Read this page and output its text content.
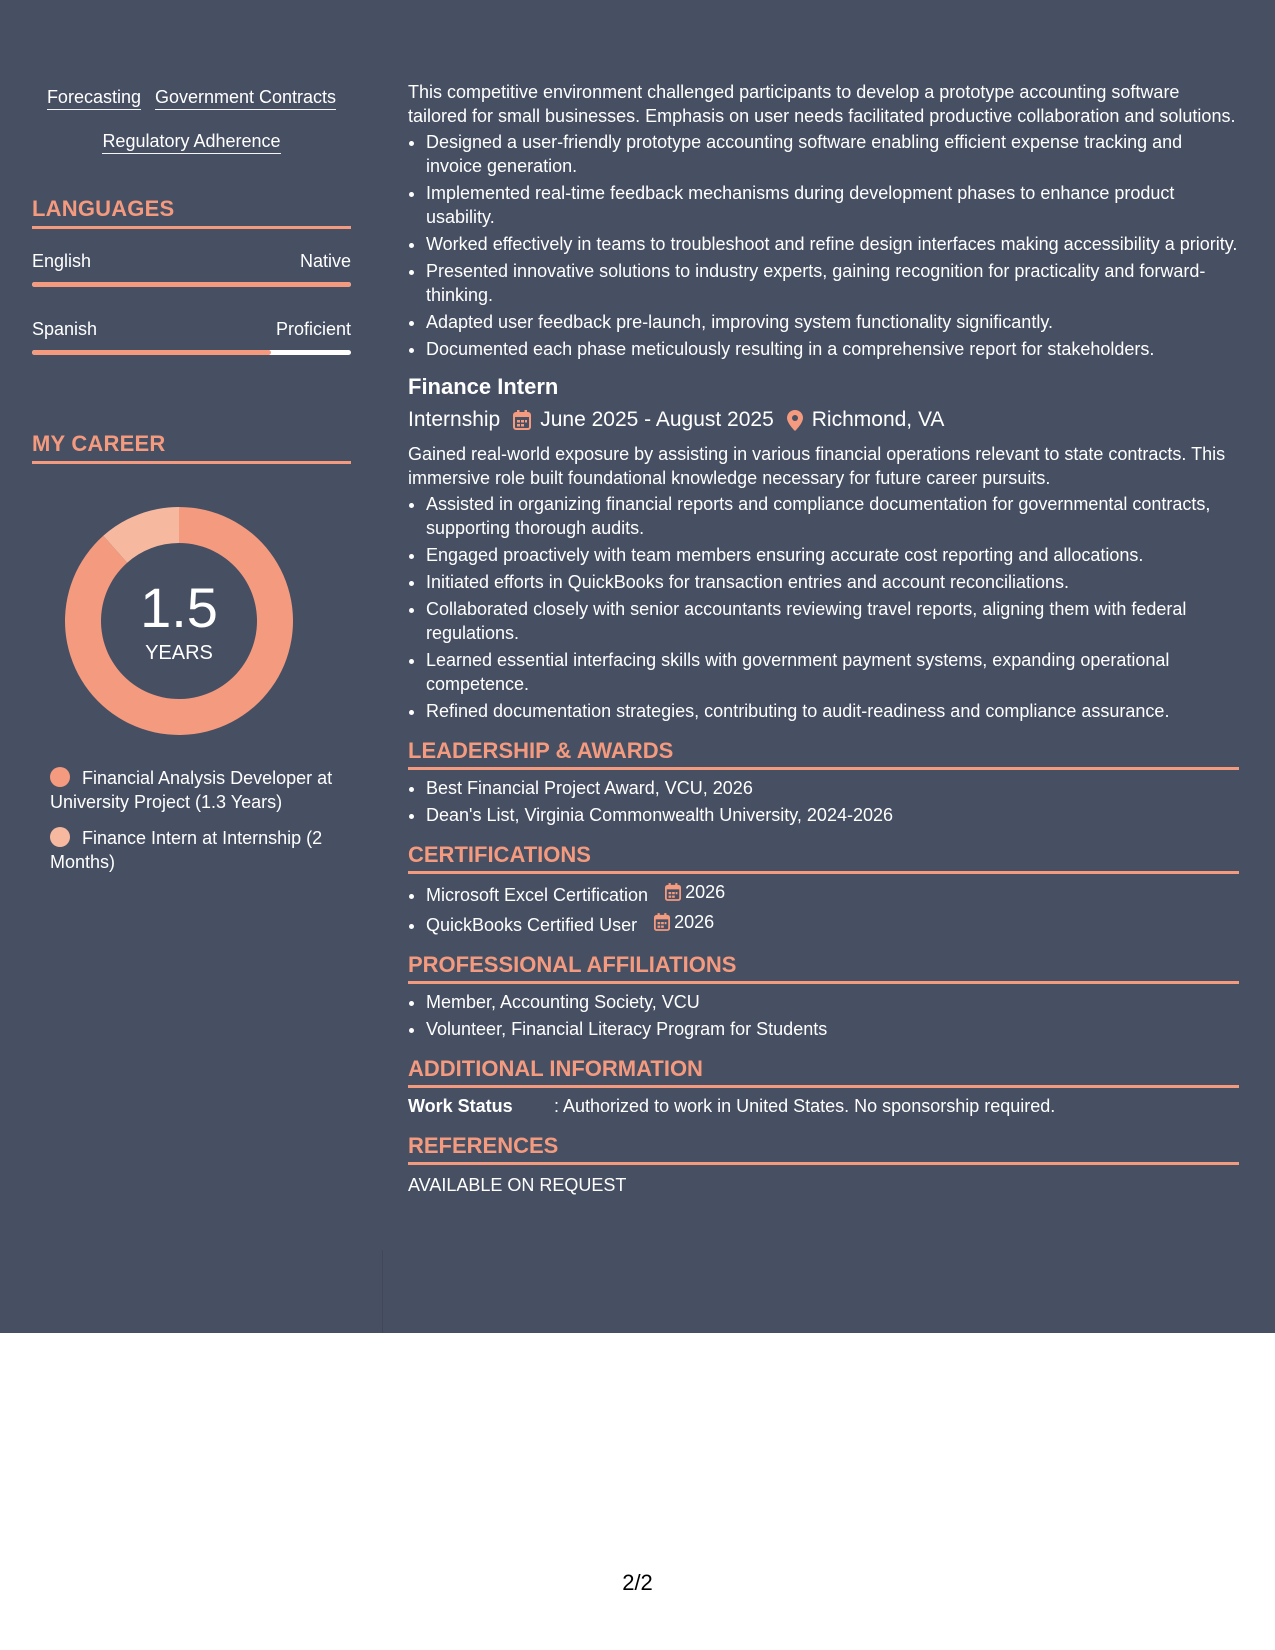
Forecasting Government Contracts
Regulatory Adherence
LANGUAGES
English	Native
Spanish	Proficient
MY CAREER
1.5
YEARS
Financial Analysis Developer at University Project (1.3 Years)
Finance Intern at Internship (2 Months)

This competitive environment challenged participants to develop a prototype accounting software tailored for small businesses. Emphasis on user needs facilitated productive collaboration and solutions.

• Designed a user-friendly prototype accounting software enabling efficient expense tracking and invoice generation.
• Implemented real-time feedback mechanisms during development phases to enhance product usability.
• Worked effectively in teams to troubleshoot and refine design interfaces making accessibility a priority.
• Presented innovative solutions to industry experts, gaining recognition for practicality and forward-thinking.
• Adapted user feedback pre-launch, improving system functionality significantly.
• Documented each phase meticulously resulting in a comprehensive report for stakeholders.
Finance Intern
Internship June 2025 - August 2025 Richmond, VA

Gained real-world exposure by assisting in various financial operations relevant to state contracts. This immersive role built foundational knowledge necessary for future career pursuits.

• Assisted in organizing financial reports and compliance documentation for governmental contracts, supporting thorough audits.
• Engaged proactively with team members ensuring accurate cost reporting and allocations.
• Initiated efforts in QuickBooks for transaction entries and account reconciliations.
• Collaborated closely with senior accountants reviewing travel reports, aligning them with federal regulations.
• Learned essential interfacing skills with government payment systems, expanding operational competence.
• Refined documentation strategies, contributing to audit-readiness and compliance assurance.
LEADERSHIP & AWARDS
• Best Financial Project Award, VCU, 2026
• Dean's List, Virginia Commonwealth University, 2024-2026
CERTIFICATIONS
• Microsoft Excel Certification 2026
• QuickBooks Certified User 2026
PROFESSIONAL AFFILIATIONS
• Member, Accounting Society, VCU
• Volunteer, Financial Literacy Program for Students
ADDITIONAL INFORMATION
Work Status	: Authorized to work in United States. No sponsorship required.
REFERENCES
AVAILABLE ON REQUEST
2/2
